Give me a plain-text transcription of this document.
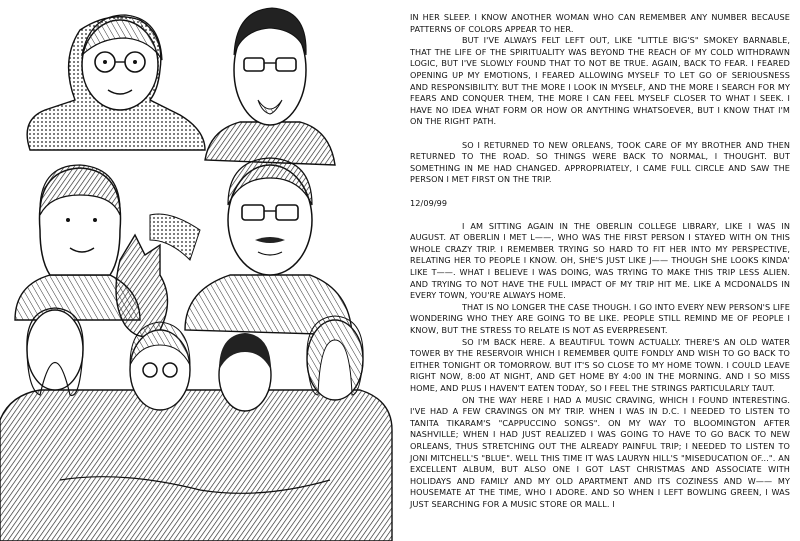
IN HER SLEEP. I KNOW ANOTHER WOMAN WHO CAN REMEMBER ANY NUMBER BECAUSE PATTERNS OF COLORS APPEAR TO HER.

BUT I'VE ALWAYS FELT LEFT OUT, LIKE "LITTLE BIG'S" SMOKEY BARNABLE, THAT THE LIFE OF THE SPIRITUALITY WAS BEYOND THE REACH OF MY COLD WITHDRAWN LOGIC, BUT I'VE SLOWLY FOUND THAT TO NOT BE TRUE. AGAIN, BACK TO FEAR. I FEARED OPENING UP MY EMOTIONS, I FEARED ALLOWING MYSELF TO LET GO OF SERIOUSNESS AND RESPONSIBILITY. BUT THE MORE I LOOK IN MYSELF, AND THE MORE I SEARCH FOR MY FEARS AND CONQUER THEM, THE MORE I CAN FEEL MYSELF CLOSER TO WHAT I SEEK. I HAVE NO IDEA WHAT FORM OR HOW OR ANYTHING WHATSOEVER, BUT I KNOW THAT I'M ON THE RIGHT PATH.

SO I RETURNED TO NEW ORLEANS, TOOK CARE OF MY BROTHER AND THEN RETURNED TO THE ROAD. SO THINGS WERE BACK TO NORMAL, I THOUGHT. BUT SOMETHING IN ME HAD CHANGED. APPROPRIATELY, I CAME FULL CIRCLE AND SAW THE PERSON I MET FIRST ON THE TRIP.

12/09/99

I AM SITTING AGAIN IN THE OBERLIN COLLEGE LIBRARY, LIKE I WAS IN AUGUST. AT OBERLIN I MET L——, WHO WAS THE FIRST PERSON I STAYED WITH ON THIS WHOLE CRAZY TRIP. I REMEMBER TRYING SO HARD TO FIT HER INTO MY PERSPECTIVE, RELATING HER TO PEOPLE I KNOW. OH, SHE'S JUST LIKE J—— THOUGH SHE LOOKS KINDA' LIKE T——. WHAT I BELIEVE I WAS DOING, WAS TRYING TO MAKE THIS TRIP LESS ALIEN. AND TRYING TO NOT HAVE THE FULL IMPACT OF MY TRIP HIT ME. LIKE A MCDONALDS IN EVERY TOWN, YOU'RE ALWAYS HOME.

THAT IS NO LONGER THE CASE THOUGH. I GO INTO EVERY NEW PERSON'S LIFE WONDERING WHO THEY ARE GOING TO BE LIKE. PEOPLE STILL REMIND ME OF PEOPLE I KNOW, BUT THE STRESS TO RELATE IS NOT AS EVERPRESENT.

SO I'M BACK HERE. A BEAUTIFUL TOWN ACTUALLY. THERE'S AN OLD WATER TOWER BY THE RESERVOIR WHICH I REMEMBER QUITE FONDLY AND WISH TO GO BACK TO EITHER TONIGHT OR TOMORROW. BUT IT'S SO CLOSE TO MY HOME TOWN. I COULD LEAVE RIGHT NOW, 8:00 AT NIGHT, AND GET HOME BY 4:00 IN THE MORNING. AND I SO MISS HOME, AND PLUS I HAVEN'T EATEN TODAY, SO I FEEL THE STRINGS PARTICULARLY TAUT.

ON THE WAY HERE I HAD A MUSIC CRAVING, WHICH I FOUND INTERESTING. I'VE HAD A FEW CRAVINGS ON MY TRIP. WHEN I WAS IN D.C. I NEEDED TO LISTEN TO TANITA TIKARAM'S "CAPPUCCINO SONGS". ON MY WAY TO BLOOMINGTON AFTER NASHVILLE; WHEN I HAD JUST REALIZED I WAS GOING TO HAVE TO GO BACK TO NEW ORLEANS, THUS STRETCHING OUT THE ALREADY PAINFUL TRIP; I NEEDED TO LISTEN TO JONI MITCHELL'S "BLUE". WELL THIS TIME IT WAS LAURYN HILL'S "MISEDUCATION OF...". AN EXCELLENT ALBUM, BUT ALSO ONE I GOT LAST CHRISTMAS AND ASSOCIATE WITH HOLIDAYS AND FAMILY AND MY OLD APARTMENT AND ITS COZINESS AND W—— MY HOUSEMATE AT THE TIME, WHO I ADORE. AND SO WHEN I LEFT BOWLING GREEN, I WAS JUST SEARCHING FOR A MUSIC STORE OR MALL. I
